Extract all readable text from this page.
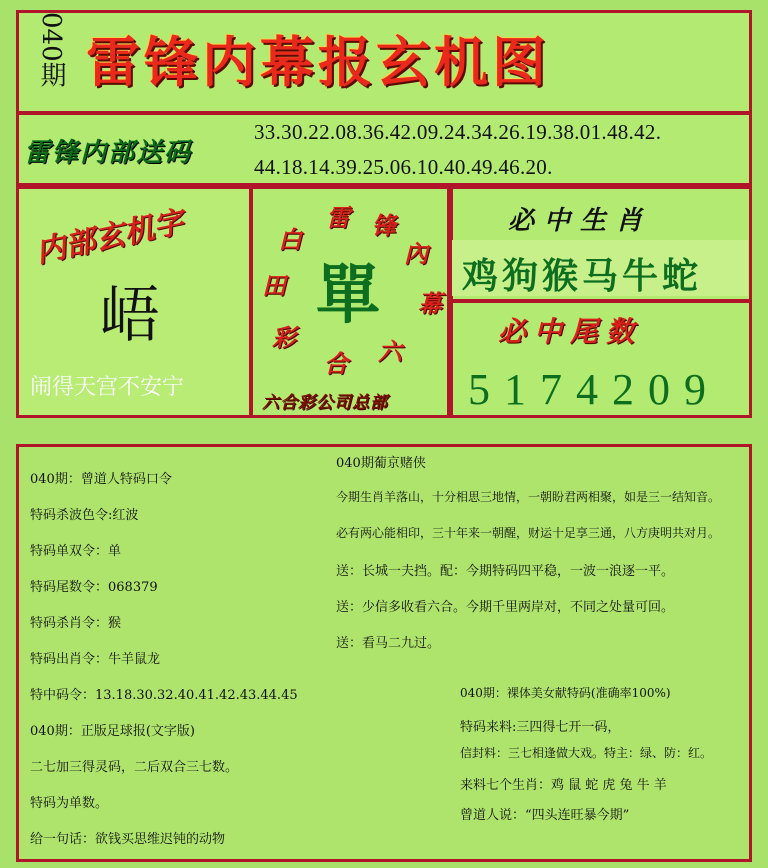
040期 雷锋内幕报玄机图
雷锋内部送码
33.30.22.08.36.42.09.24.34.26.19.38.01.48.42.
44.18.14.39.25.06.10.40.49.46.20.
内部玄机字
峿
闹得天宫不安宁
雷 锋
內
幕
六
合
彩
田
白
單
六合彩公司总部
必中生肖
鸡狗猴马牛蛇
必中尾数
5174209
040期：曾道人特码口令
特码杀波色令:红波
特码单双令：单
特码尾数令：068379
特码杀肖令：猴
特码出肖令：牛羊鼠龙
040期葡京赌侠
今期生肖羊落山，十分相思三地情，一朝盼君两相聚，如是三一结知音。
必有两心能相印，三十年来一朝醒，财运十足享三通，八方庚明共对月。
送：长城一夫挡。配：今期特码四平稳，一波一浪逐一平。
送：少信多收看六合。今期千里两岸对，不同之处量可回。
送：看马二九过。
特中码令：13.18.30.32.40.41.42.43.44.45
040期：正版足球报(文字版)
二七加三得灵码，二后双合三七数。
特码为单数。
给一句话：欲钱买思维迟钝的动物
040期：裸体美女献特码(准确率100%)
特码来料:三四得七开一码，
信封料：三七相逢做大戏。特主：绿、防：红。
来料七个生肖：鸡 鼠 蛇 虎 兔 牛 羊
曾道人说：“四头连旺暴今期”
